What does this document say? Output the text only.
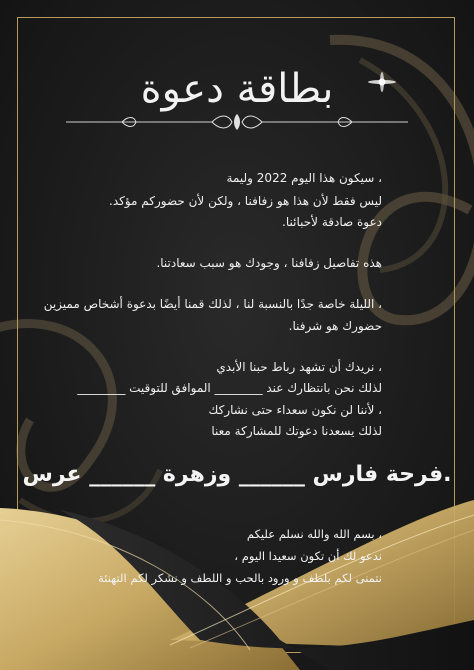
بطاقة دعوة
، سيكون هذا اليوم 2022 وليمة
ليس فقط لأن هذا هو زفافنا ، ولكن لأن حضوركم مؤكد.
دعوة صادقة لأحبائنا.
هذه تفاصيل زفافنا ، وجودك هو سبب سعادتنا.
، الليلة خاصة جدًا بالنسبة لنا ، لذلك قمنا أيضًا بدعوة أشخاص مميزين
حضورك هو شرفنا.
، نريدك أن تشهد رباط حبنا الأبدي
لذلك نحن بانتظارك عند ________ الموافق للتوقيت ________
، لأننا لن نكون سعداء حتى نشاركك
لذلك يسعدنا دعوتك للمشاركة معنا
.فرحة فارس ______ وزهرة ______ عرس
، بسم الله والله نسلم عليكم
ندعو لك أن تكون سعيدا اليوم ،
نتمنى لكم بلطف و ورود بالحب و اللطف و نشكر لكم التهنئة
